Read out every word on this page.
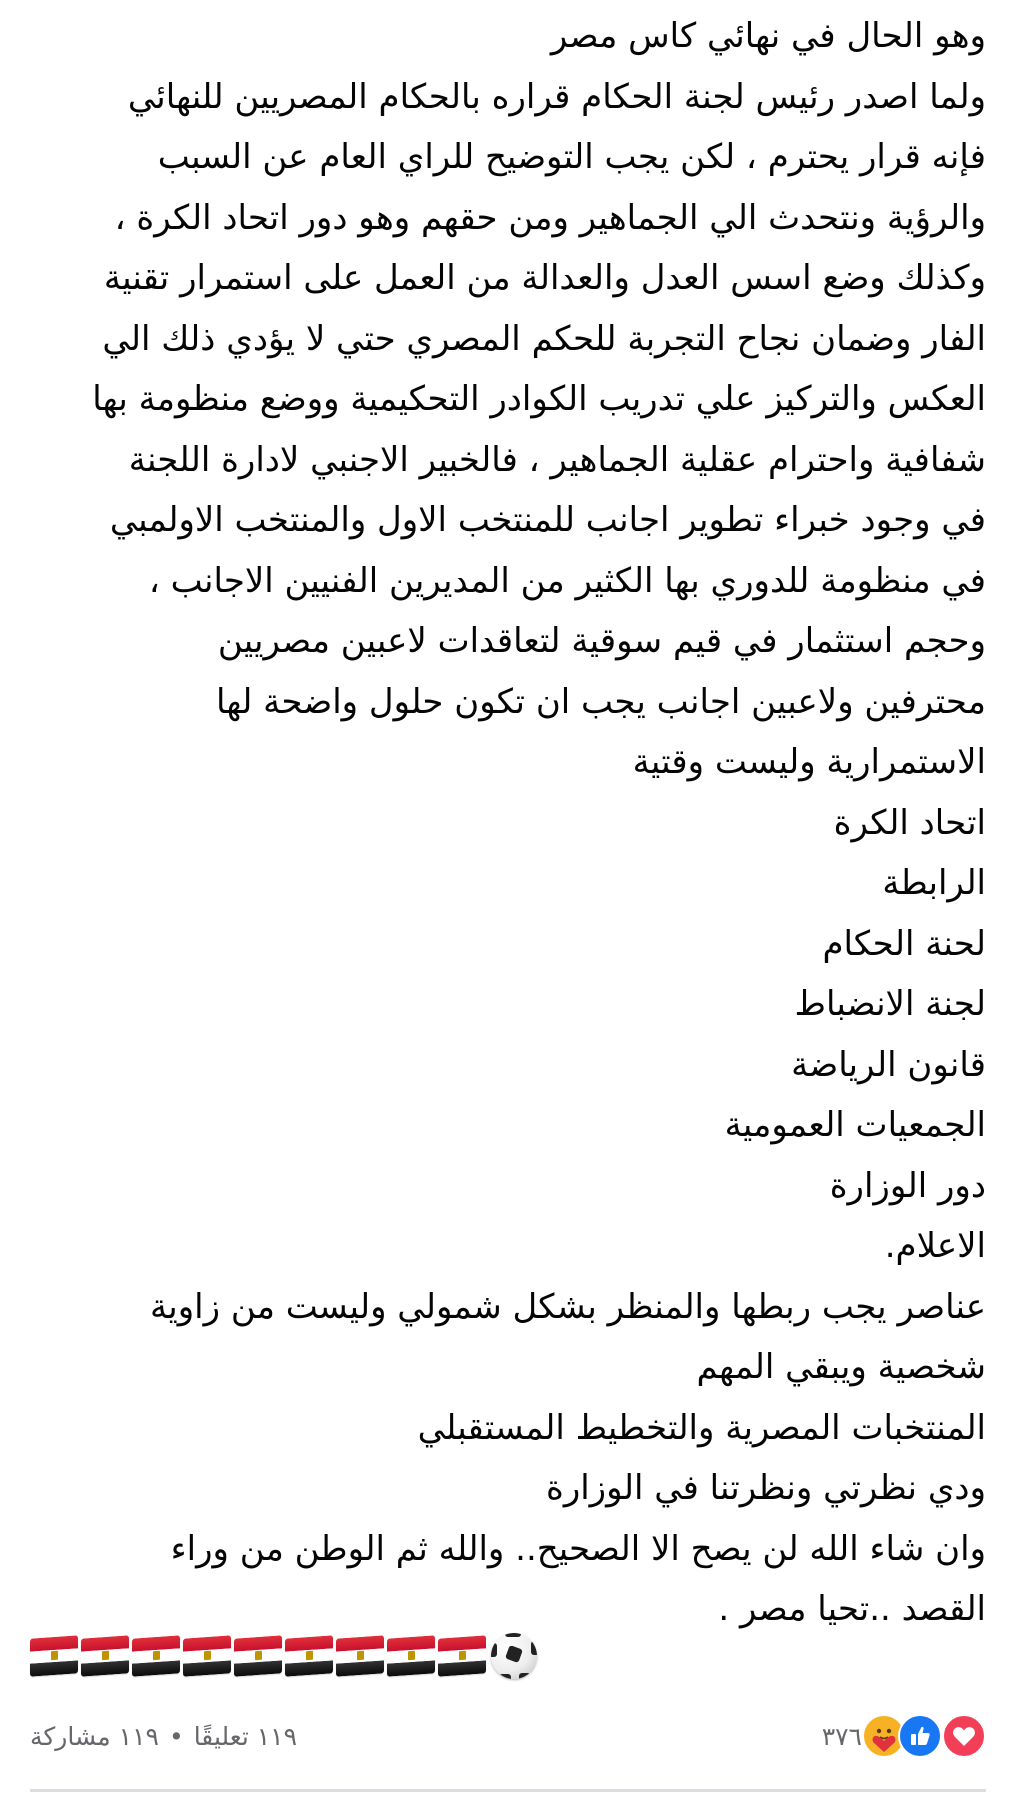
وهو الحال في نهائي كاس مصر
ولما اصدر رئيس لجنة الحكام قراره بالحكام المصريين للنهائي
فإنه قرار يحترم ، لكن يجب التوضيح للراي العام عن السبب
والرؤية ونتحدث الي الجماهير ومن حقهم وهو دور اتحاد الكرة ،
وكذلك وضع اسس العدل والعدالة من العمل على استمرار تقنية
الفار وضمان نجاح التجربة للحكم المصري حتي لا يؤدي ذلك الي
العكس والتركيز علي تدريب الكوادر التحكيمية ووضع منظومة بها
شفافية واحترام عقلية الجماهير ، فالخبير الاجنبي لادارة اللجنة
في وجود خبراء تطوير اجانب للمنتخب الاول والمنتخب الاولمبي
في منظومة للدوري بها الكثير من المديرين الفنيين الاجانب ،
وحجم استثمار في قيم سوقية لتعاقدات لاعبين مصريين
محترفين ولاعبين اجانب يجب ان تكون حلول واضحة لها
الاستمرارية وليست وقتية
اتحاد الكرة
الرابطة
لحنة الحكام
لجنة الانضباط
قانون الرياضة
الجمعيات العمومية
دور الوزارة
الاعلام.
عناصر يجب ربطها والمنظر بشكل شمولي وليست من زاوية
شخصية ويبقي المهم
المنتخبات المصرية والتخطيط المستقبلي
ودي نظرتي ونظرتنا في الوزارة
وان شاء الله لن يصح الا الصحيح.. والله ثم الوطن من وراء
القصد ..تحيا مصر .
١١٩ تعليقًا
•
١١٩ مشاركة	٣٧٦
